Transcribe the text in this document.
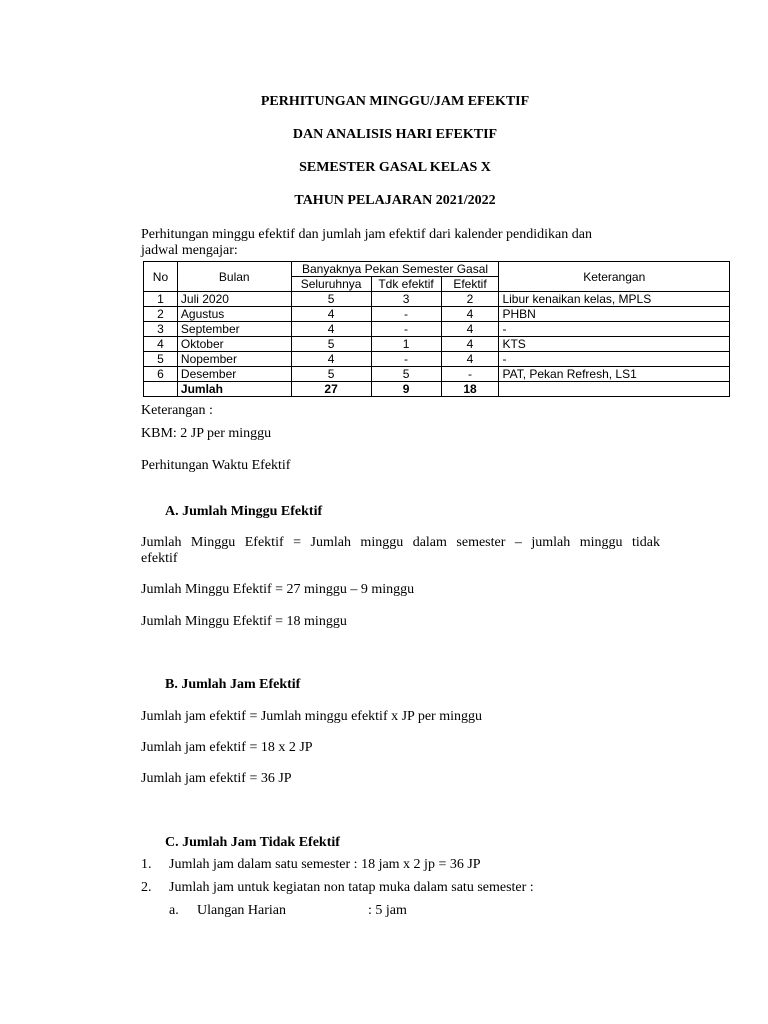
PERHITUNGAN MINGGU/JAM EFEKTIF
DAN ANALISIS HARI EFEKTIF
SEMESTER GASAL KELAS X
TAHUN PELAJARAN 2021/2022
Perhitungan minggu efektif dan jumlah jam efektif dari kalender pendidikan dan
jadwal mengajar:
No	Bulan	Banyaknya Pekan Semester Gasal			Keterangan
		Seluruhnya	Tdk efektif	Efektif	
1	Juli 2020	5	3	2	Libur kenaikan kelas, MPLS
2	Agustus	4	-	4	PHBN
3	September	4	-	4	-
4	Oktober	5	1	4	KTS
5	Nopember	4	-	4	-
6	Desember	5	5	-	PAT, Pekan Refresh, LS1
	Jumlah	27	9	18	
Keterangan :
KBM: 2 JP per minggu
Perhitungan Waktu Efektif
A. Jumlah Minggu Efektif
Jumlah Minggu Efektif = Jumlah minggu dalam semester – jumlah minggu tidak
efektif
Jumlah Minggu Efektif = 27 minggu – 9 minggu
Jumlah Minggu Efektif = 18 minggu
B. Jumlah Jam Efektif
Jumlah jam efektif = Jumlah minggu efektif x JP per minggu
Jumlah jam efektif = 18 x 2 JP
Jumlah jam efektif = 36 JP
C. Jumlah Jam Tidak Efektif
1. Jumlah jam dalam satu semester : 18 jam x 2 jp = 36 JP
2. Jumlah jam untuk kegiatan non tatap muka dalam satu semester :
a. Ulangan Harian	: 5 jam
